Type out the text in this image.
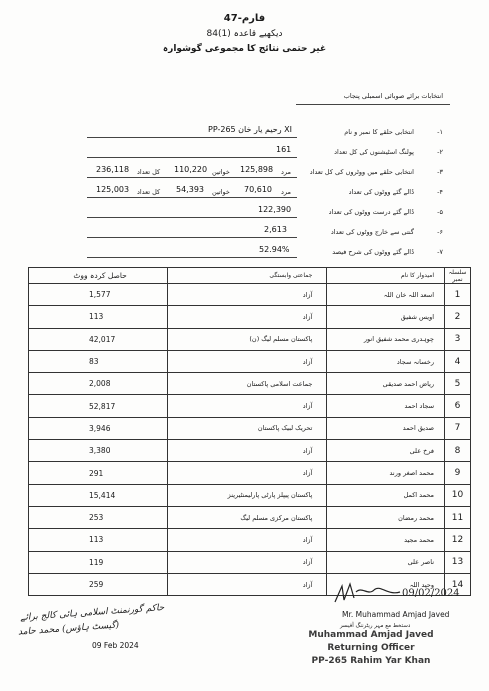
فارم-47
دیکھیے قاعدہ (1)84
غیر حتمی نتائج کا مجموعی گوشوارہ
انتخابات برائے صوبائی اسمبلی پنجاب
۱-
انتخابی حلقے کا نمبر و نام
PP-265 رحیم یار خان XI
۲-
پولنگ اسٹیشنوں کی کل تعداد
161
۳-
انتخابی حلقے میں ووٹروں کی کل تعداد
مرد
125,898
خواتین
110,220
کل تعداد
236,118
۴-
ڈالے گئے ووٹوں کی تعداد
مرد
70,610
خواتین
54,393
کل تعداد
125,003
۵-
ڈالے گئے درست ووٹوں کی تعداد
122,390
۶-
گنتی سے خارج ووٹوں کی تعداد
2,613
۷-
ڈالے گئے ووٹوں کی شرح فیصد
52.94%
سلسلہ نمبر	امیدوار کا نام	جماعتی وابستگی	حاصل کردہ ووٹ
1	اسعد اللہ خان اللہ	آزاد	1,577
2	اویس شفیق	آزاد	113
3	چوہدری محمد شفیق انور	پاکستان مسلم لیگ (ن)	42,017
4	رخسانہ سجاد	آزاد	83
5	ریاض احمد صدیقی	جماعت اسلامی پاکستان	2,008
6	سجاد احمد	آزاد	52,817
7	صدیق احمد	تحریک لبیک پاکستان	3,946
8	فرخ علی	آزاد	3,380
9	محمد اصغر ورند	آزاد	291
10	محمد اکمل	پاکستان پیپلز پارٹی پارلیمنٹیرینز	15,414
11	محمد رمضان	پاکستان مرکزی مسلم لیگ	253
12	محمد مجید	آزاد	113
13	ناصر علی	آزاد	119
14	وحید اللہ	آزاد	259
حاکم گورنمنٹ اسلامی ہائی کالج برائے
(گیسٹ ہاؤس) محمد حامد
09 Feb 2024
09/02/2024
Mr. Muhammad Amjad Javed
دستخط مع مہر ریٹرننگ آفیسر
Muhammad Amjad Javed
Returning Officer
PP-265 Rahim Yar Khan
